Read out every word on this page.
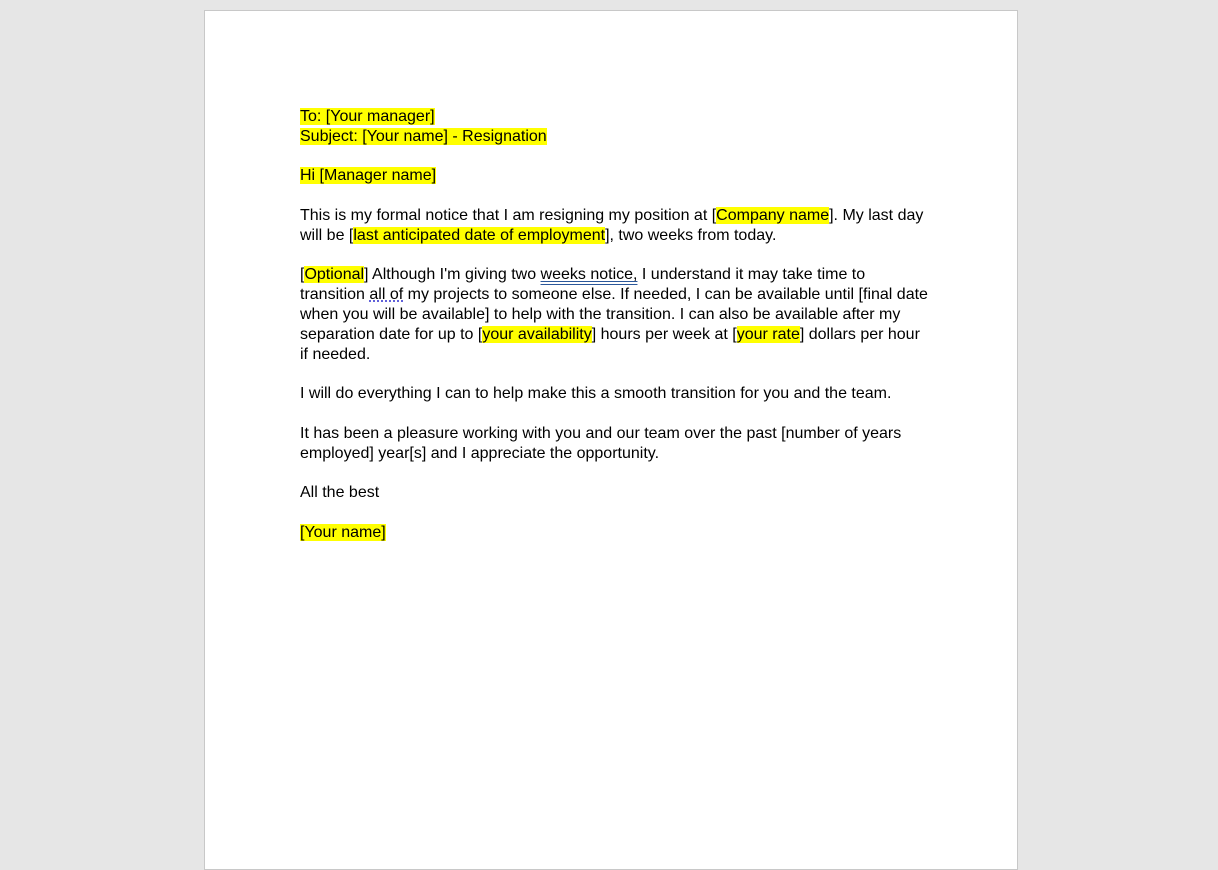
To: [Your manager]
Subject: [Your name] - Resignation

Hi [Manager name]

This is my formal notice that I am resigning my position at [Company name]. My last day will be [last anticipated date of employment], two weeks from today.

[Optional] Although I'm giving two weeks notice, I understand it may take time to transition all of my projects to someone else. If needed, I can be available until [final date when you will be available] to help with the transition. I can also be available after my separation date for up to [your availability] hours per week at [your rate] dollars per hour if needed.

I will do everything I can to help make this a smooth transition for you and the team.

It has been a pleasure working with you and our team over the past [number of years employed] year[s] and I appreciate the opportunity.

All the best

[Your name]
